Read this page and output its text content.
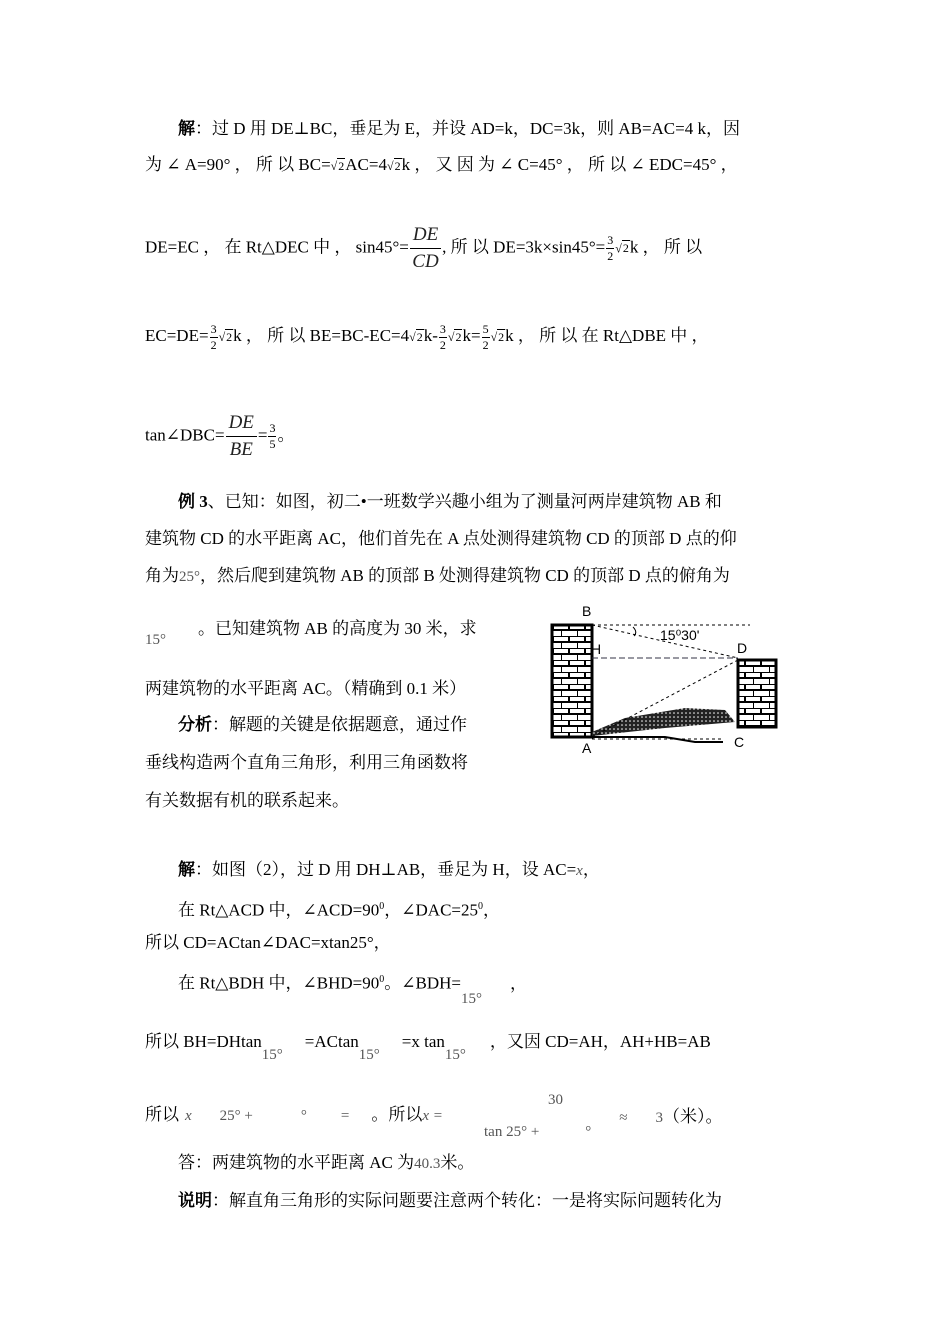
解：过 D 用 DE⊥BC，垂足为 E，并设 AD=k，DC=3k，则 AB=AC=4 k，因
为 ∠ A=90° ， 所 以 BC=√2AC=4√2k ， 又 因 为 ∠ C=45° ， 所 以 ∠ EDC=45° ，
DE=EC ， 在 Rt△DEC 中 ， $\sin 45^\circ= \frac{DE}{CD}$ , 所 以 $DE=3k\times\sin 45^\circ= \frac{3}{2} √2k$ ， 所 以
$EC=DE= \frac{3}{2} √2k$ ， 所 以 $BE=BC-EC=4√2k- \frac{3}{2} √2k= \frac{5}{2} √2k$ ， 所 以 在 Rt△DBE 中 ，
tan∠DBC= $\frac{DE}{BE} = \frac{3}{5}$ 。
例 3、已知：如图，初二•一班数学兴趣小组为了测量河两岸建筑物 AB 和
建筑物 CD 的水平距离 AC，他们首先在 A 点处测得建筑物 CD 的顶部 D 点的仰
角为25°，然后爬到建筑物 AB 的顶部 B 处测得建筑物 CD 的顶部 D 点的俯角为
15°。已知建筑物 AB 的高度为 30 米，求
两建筑物的水平距离 AC。（精确到 0.1 米）
分析：解题的关键是依据题意，通过作
垂线构造两个直角三角形，利用三角函数将
有关数据有机的联系起来。
B
H	D
A	C
15⁰30'
解：如图（2），过 D 用 DH⊥AB，垂足为 H，设 AC=x，
在 Rt△ACD 中，$\angle ACD=90^0$，$\angle DAC=25^0$，
所以 CD=ACtan∠DAC=xtan25°，
在 Rt△BDH 中，$\angle BHD=90^0$。∠BDH=15°，
所以 BH=DHtan15°=ACtan15°=x tan15°，又因 CD=AH，AH+HB=AB
所以 x 25° +	° = 。所以x =
30
tan 25° +	°≈ 3（米）。
答：两建筑物的水平距离 AC 为40.3米。
说明：解直角三角形的实际问题要注意两个转化：一是将实际问题转化为
